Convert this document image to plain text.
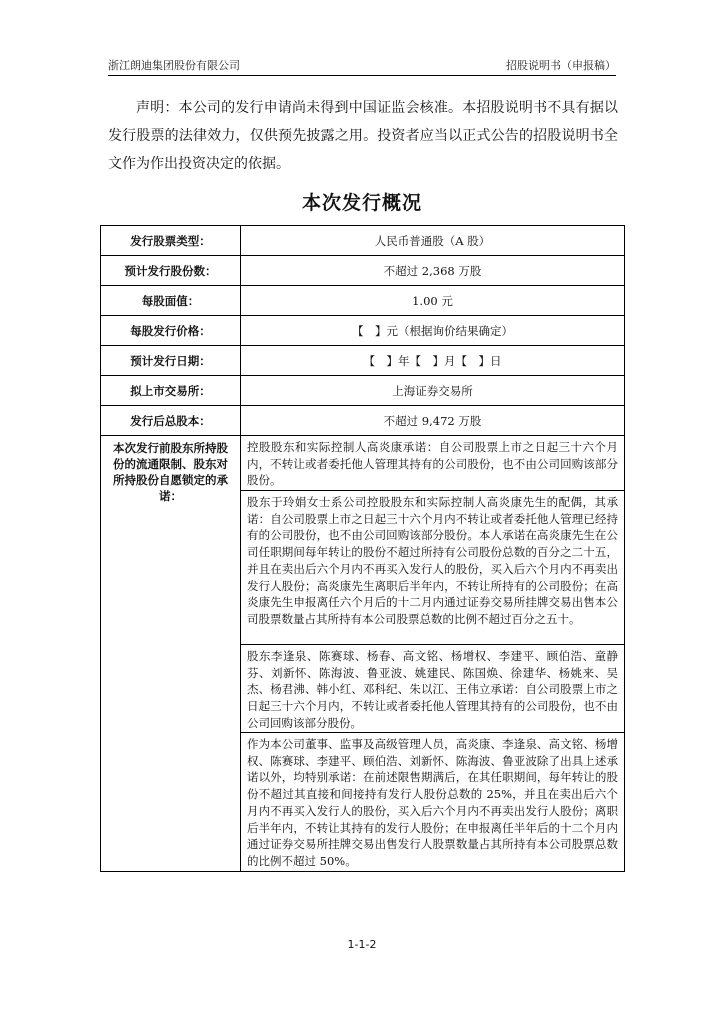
浙江朗迪集团股份有限公司	招股说明书（申报稿）

声明：本公司的发行申请尚未得到中国证监会核准。本招股说明书不具有据以发行股票的法律效力，仅供预先披露之用。投资者应当以正式公告的招股说明书全文作为作出投资决定的依据。

本次发行概况
发行股票类型：	人民币普通股（A 股）
预计发行股份数：	不超过 2,368 万股
每股面值：	1.00 元
每股发行价格：	【　】元（根据询价结果确定）
预计发行日期：	【　】年【　】月【　】日
拟上市交易所：	上海证券交易所
发行后总股本：	不超过 9,472 万股
本次发行前股东所持股份的流通限制、股东对所持股份自愿锁定的承诺：	控股股东和实际控制人高炎康承诺：自公司股票上市之日起三十六个月内，不转让或者委托他人管理其持有的公司股份，也不由公司回购该部分股份。
股东于玲娟女士系公司控股股东和实际控制人高炎康先生的配偶，其承诺：自公司股票上市之日起三十六个月内不转让或者委托他人管理已经持有的公司股份，也不由公司回购该部分股份。本人承诺在高炎康先生在公司任职期间每年转让的股份不超过所持有公司股份总数的百分之二十五，并且在卖出后六个月内不再买入发行人的股份，买入后六个月内不再卖出发行人股份；高炎康先生离职后半年内，不转让所持有的公司股份；在高炎康先生申报离任六个月后的十二月内通过证券交易所挂牌交易出售本公司股票数量占其所持有本公司股票总数的比例不超过百分之五十。
股东李逢泉、陈赛球、杨春、高文铭、杨增权、李建平、顾伯浩、童静芬、刘新怀、陈海波、鲁亚波、姚建民、陈国焕、徐建华、杨姚来、吴杰、杨君沸、韩小红、邓科纪、朱以江、王伟立承诺：自公司股票上市之日起三十六个月内，不转让或者委托他人管理其持有的公司股份，也不由公司回购该部分股份。
作为本公司董事、监事及高级管理人员，高炎康、李逢泉、高文铭、杨增权、陈赛球、李建平、顾伯浩、刘新怀、陈海波、鲁亚波除了出具上述承诺以外，均特别承诺：在前述限售期满后，在其任职期间，每年转让的股份不超过其直接和间接持有发行人股份总数的 25%，并且在卖出后六个月内不再买入发行人的股份，买入后六个月内不再卖出发行人股份；离职后半年内，不转让其持有的发行人股份；在申报离任半年后的十二个月内通过证券交易所挂牌交易出售发行人股票数量占其所持有本公司股票总数的比例不超过 50%。
1-1-2
